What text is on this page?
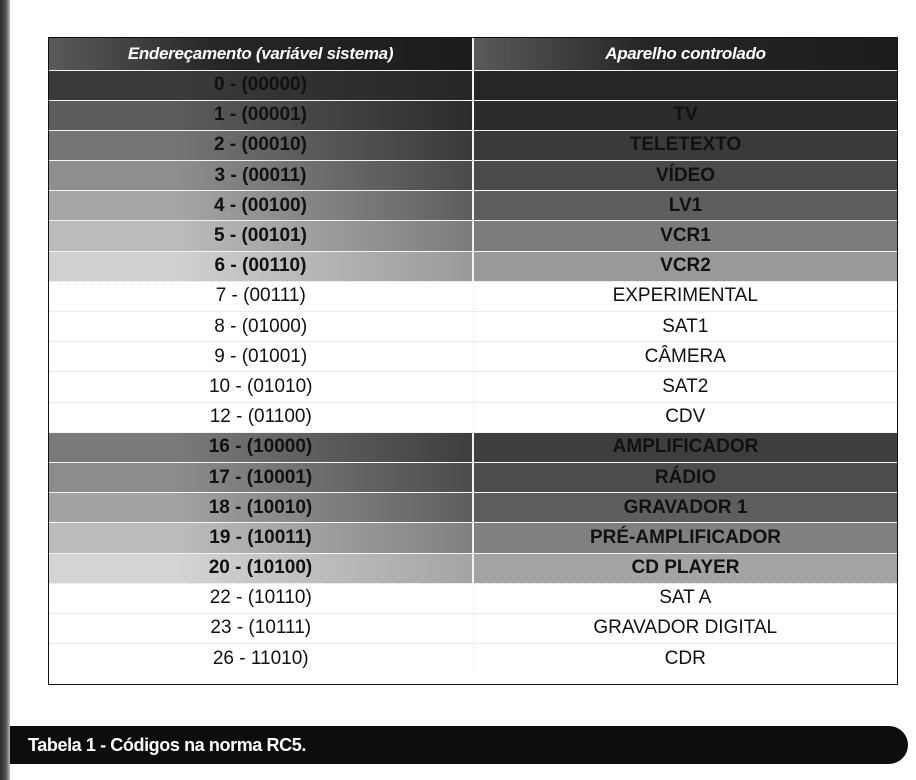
Endereçamento (variável sistema)	Aparelho controlado
0 - (00000)	
1 - (00001)	TV
2 - (00010)	TELETEXTO
3 - (00011)	VÍDEO
4 - (00100)	LV1
5 - (00101)	VCR1
6 - (00110)	VCR2
7 - (00111)	EXPERIMENTAL
8 - (01000)	SAT1
9 - (01001)	CÂMERA
10 - (01010)	SAT2
12 - (01100)	CDV
16 - (10000)	AMPLIFICADOR
17 - (10001)	RÁDIO
18 - (10010)	GRAVADOR 1
19 - (10011)	PRÉ-AMPLIFICADOR
20 - (10100)	CD PLAYER
22 - (10110)	SAT A
23 - (10111)	GRAVADOR DIGITAL
26 - 11010)	CDR
Tabela 1 - Códigos na norma RC5.
